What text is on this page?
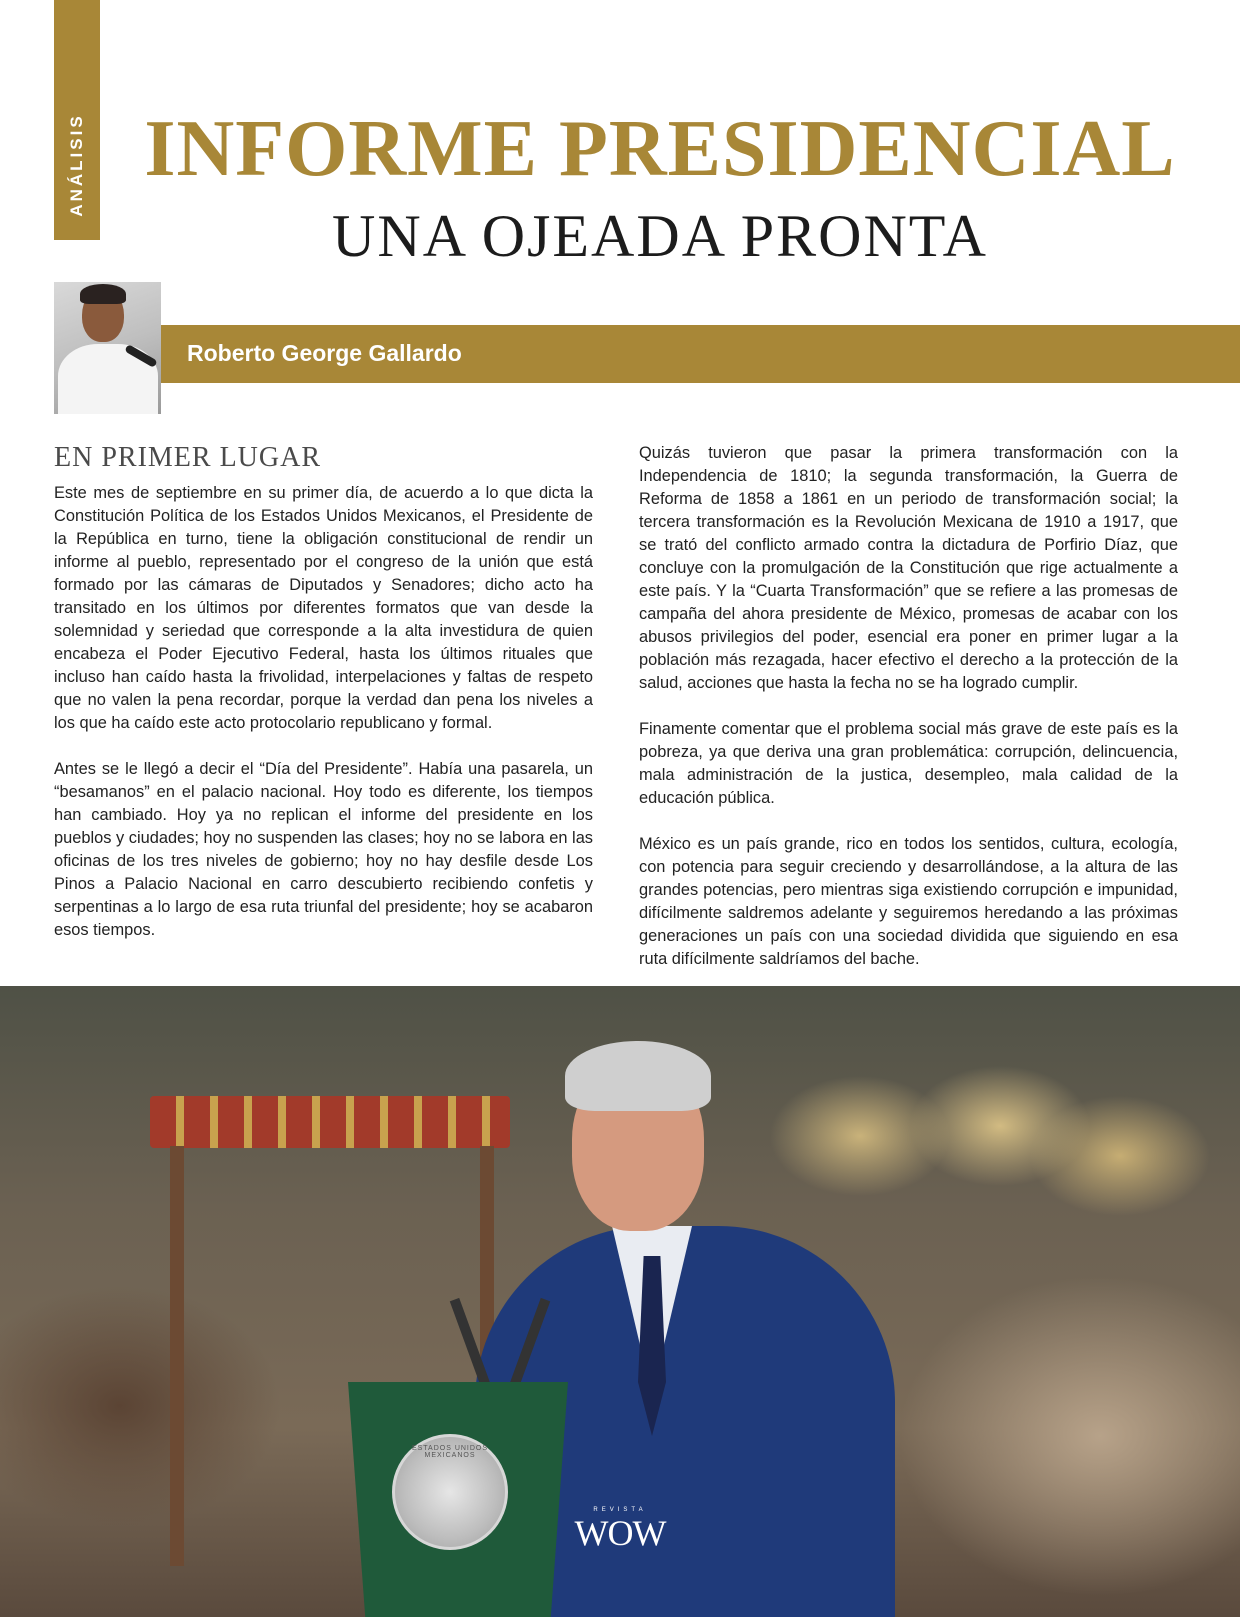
ANÁLISIS INFORME PRESIDENCIAL
UNA OJEADA PRONTA
Roberto George Gallardo
EN PRIMER LUGAR

Este mes de septiembre en su primer día, de acuerdo a lo que dicta la Constitución Política de los Estados Unidos Mexicanos, el Presidente de la República en turno, tiene la obligación constitucional de rendir un informe al pueblo, representado por el congreso de la unión que está formado por las cámaras de Diputados y Senadores; dicho acto ha transitado en los últimos por diferentes formatos que van desde la solemnidad y seriedad que corresponde a la alta investidura de quien encabeza el Poder Ejecutivo Federal, hasta los últimos rituales que incluso han caído hasta la frivolidad, interpelaciones y faltas de respeto que no valen la pena recordar, porque la verdad dan pena los niveles a los que ha caído este acto protocolario republicano y formal.

Antes se le llegó a decir el “Día del Presidente”. Había una pasarela, un “besamanos” en el palacio nacional. Hoy todo es diferente, los tiempos han cambiado. Hoy ya no replican el informe del presidente en los pueblos y ciudades; hoy no suspenden las clases; hoy no se labora en las oficinas de los tres niveles de gobierno; hoy no hay desfile desde Los Pinos a Palacio Nacional en carro descubierto recibiendo confetis y serpentinas a lo largo de esa ruta triunfal del presidente; hoy se acabaron esos tiempos.

Quizás tuvieron que pasar la primera transformación con la Independencia de 1810; la segunda transformación, la Guerra de Reforma de 1858 a 1861 en un periodo de transformación social; la tercera transformación es la Revolución Mexicana de 1910 a 1917, que se trató del conflicto armado contra la dictadura de Porfirio Díaz, que concluye con la promulgación de la Constitución que rige actualmente a este país. Y la “Cuarta Transformación” que se refiere a las promesas de campaña del ahora presidente de México, promesas de acabar con los abusos privilegios del poder, esencial era poner en primer lugar a la población más rezagada, hacer efectivo el derecho a la protección de la salud, acciones que hasta la fecha no se ha logrado cumplir.

Finamente comentar que el problema social más grave de este país es la pobreza, ya que deriva una gran problemática: corrupción, delincuencia, mala administración de la justica, desempleo, mala calidad de la educación pública.

México es un país grande, rico en todos los sentidos, cultura, ecología, con potencia para seguir creciendo y desarrollándose, a la altura de las grandes potencias, pero mientras siga existiendo corrupción e impunidad, difícilmente saldremos adelante y seguiremos heredando a las próximas generaciones un país con una sociedad dividida que siguiendo en esa ruta difícilmente saldríamos del bache.

ESTADOS UNIDOS MEXICANOS
REVISTA
WOW
